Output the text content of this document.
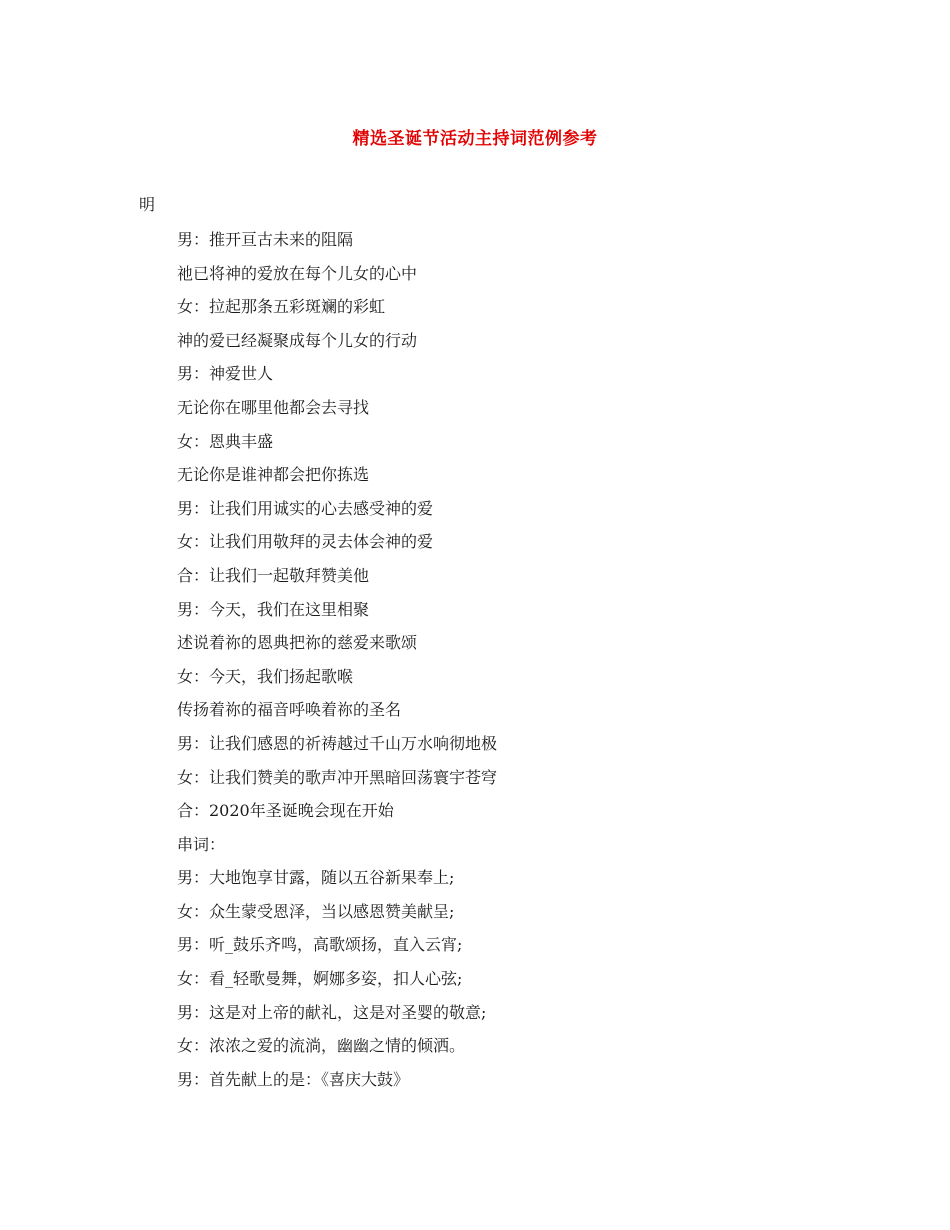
精选圣诞节活动主持词范例参考
明
男：推开亘古未来的阻隔
祂已将神的爱放在每个儿女的心中
女：拉起那条五彩斑斓的彩虹
神的爱已经凝聚成每个儿女的行动
男：神爱世人
无论你在哪里他都会去寻找
女：恩典丰盛
无论你是谁神都会把你拣选
男：让我们用诚实的心去感受神的爱
女：让我们用敬拜的灵去体会神的爱
合：让我们一起敬拜赞美他
男：今天，我们在这里相聚
述说着祢的恩典把祢的慈爱来歌颂
女：今天，我们扬起歌喉
传扬着祢的福音呼唤着祢的圣名
男：让我们感恩的祈祷越过千山万水响彻地极
女：让我们赞美的歌声冲开黑暗回荡寰宇苍穹
合：2020年圣诞晚会现在开始
串词：
男：大地饱享甘露，随以五谷新果奉上;
女：众生蒙受恩泽，当以感恩赞美献呈;
男：听_鼓乐齐鸣，高歌颂扬，直入云宵;
女：看_轻歌曼舞，婀娜多姿，扣人心弦;
男：这是对上帝的献礼，这是对圣婴的敬意;
女：浓浓之爱的流淌，幽幽之情的倾洒。
男：首先献上的是：《喜庆大鼓》
